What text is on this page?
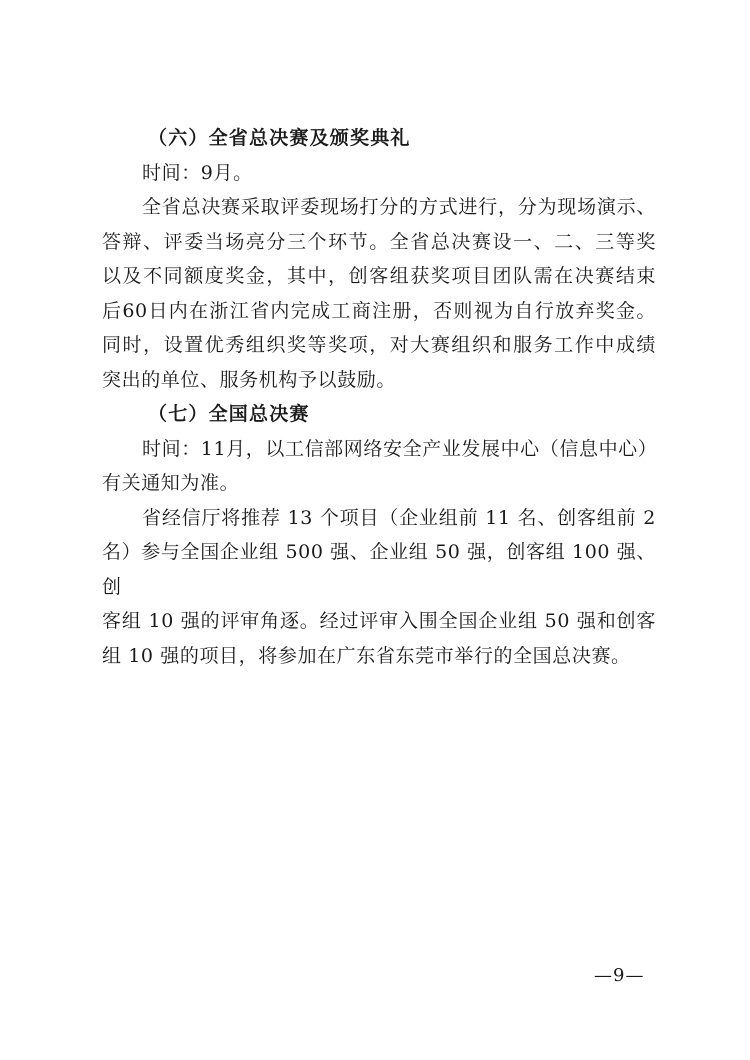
（六）全省总决赛及颁奖典礼
时间：9月。
全省总决赛采取评委现场打分的方式进行，分为现场演示、
答辩、评委当场亮分三个环节。全省总决赛设一、二、三等奖
以及不同额度奖金，其中，创客组获奖项目团队需在决赛结束
后60日内在浙江省内完成工商注册，否则视为自行放弃奖金。
同时，设置优秀组织奖等奖项，对大赛组织和服务工作中成绩
突出的单位、服务机构予以鼓励。
（七）全国总决赛
时间：11月，以工信部网络安全产业发展中心（信息中心）
有关通知为准。
省经信厅将推荐 13 个项目（企业组前 11 名、创客组前 2
名）参与全国企业组 500 强、企业组 50 强，创客组 100 强、创
客组 10 强的评审角逐。经过评审入围全国企业组 50 强和创客
组 10 强的项目，将参加在广东省东莞市举行的全国总决赛。
—9—
